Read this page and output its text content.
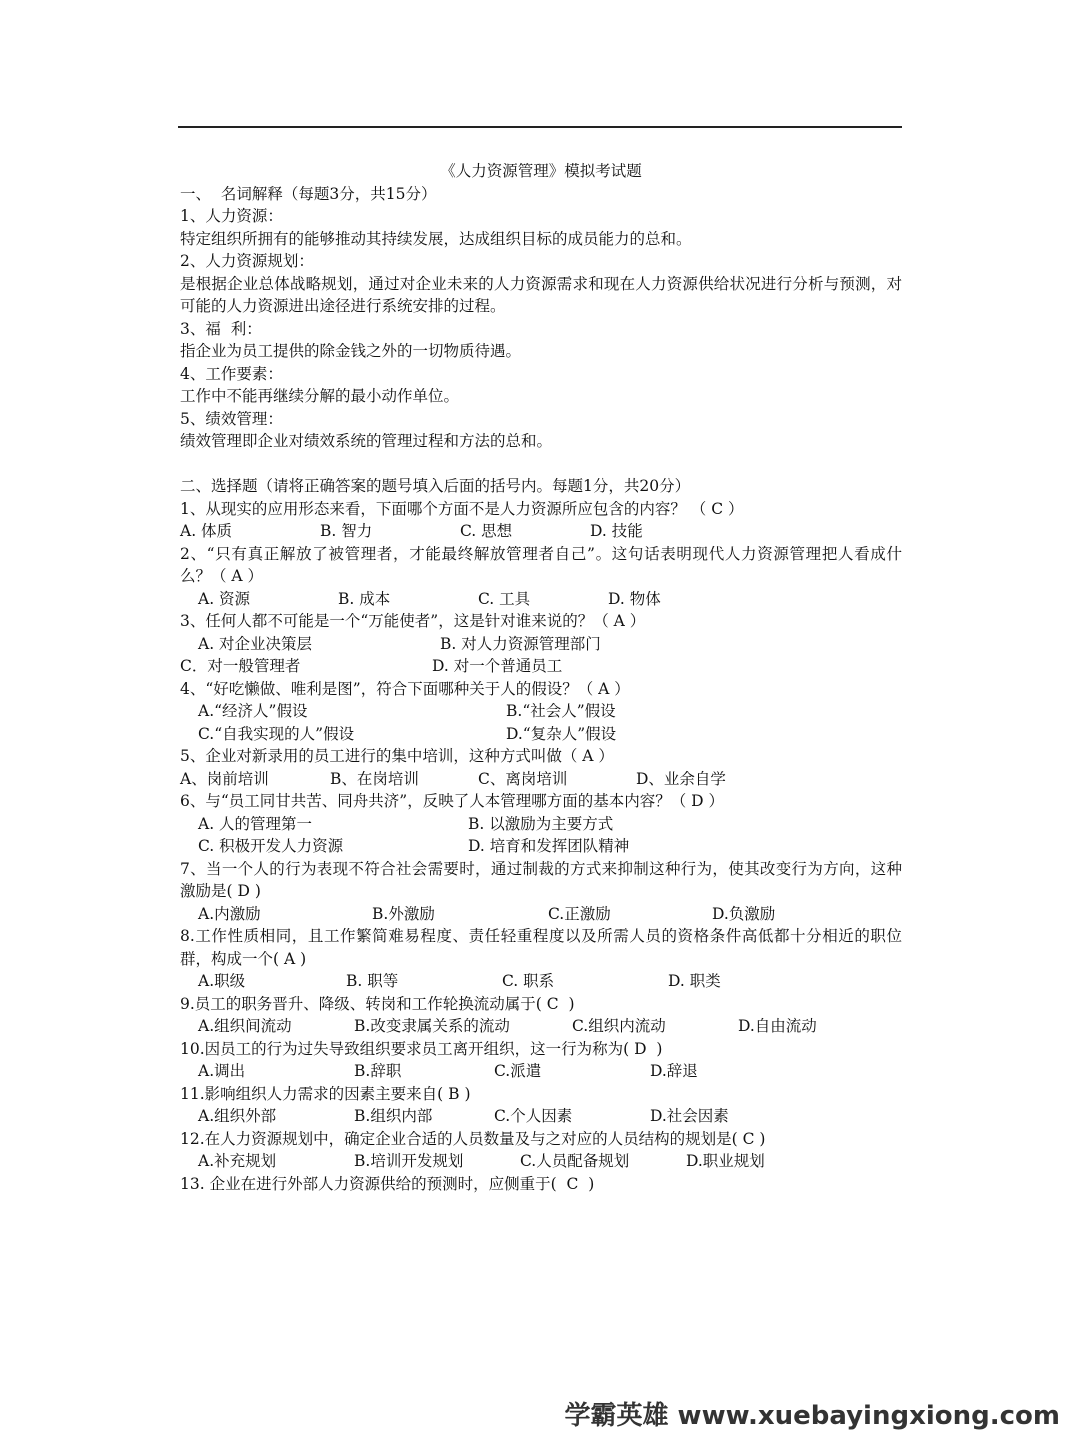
《人力资源管理》模拟考试题
一、  名词解释（每题3分，共15分）
1、人力资源：
特定组织所拥有的能够推动其持续发展，达成组织目标的成员能力的总和。
2、人力资源规划：
是根据企业总体战略规划，通过对企业未来的人力资源需求和现在人力资源供给状况进行分析与预测，对可能的人力资源进出途径进行系统安排的过程。
3、福  利：
指企业为员工提供的除金钱之外的一切物质待遇。
4、工作要素：
工作中不能再继续分解的最小动作单位。
5、绩效管理：
绩效管理即企业对绩效系统的管理过程和方法的总和。
二、选择题（请将正确答案的题号填入后面的括号内。每题1分，共20分）
1、从现实的应用形态来看，下面哪个方面不是人力资源所应包含的内容？ （ C ）
A. 体质	B. 智力	C. 思想	D. 技能
2、“只有真正解放了被管理者，才能最终解放管理者自己”。这句话表明现代人力资源管理把人看成什么？（ A ）
A. 资源	B. 成本	C. 工具	D. 物体
3、任何人都不可能是一个“万能使者”，这是针对谁来说的？（ A ）
A. 对企业决策层	B. 对人力资源管理部门
C．对一般管理者	D. 对一个普通员工
4、“好吃懒做、唯利是图”，符合下面哪种关于人的假设？（ A ）
A.“经济人”假设	B.“社会人”假设
C.“自我实现的人”假设	D.“复杂人”假设
5、企业对新录用的员工进行的集中培训，这种方式叫做（ A ）
A、岗前培训	B、在岗培训	C、离岗培训	D、业余自学
6、与“员工同甘共苦、同舟共济”，反映了人本管理哪方面的基本内容？（ D ）
A. 人的管理第一	B. 以激励为主要方式
C. 积极开发人力资源	D. 培育和发挥团队精神
7、当一个人的行为表现不符合社会需要时，通过制裁的方式来抑制这种行为，使其改变行为方向，这种激励是( D )
A.内激励	B.外激励	C.正激励	D.负激励
8.工作性质相同，且工作繁简难易程度、责任轻重程度以及所需人员的资格条件高低都十分相近的职位群，构成一个( A )
A.职级	B. 职等	C. 职系	D. 职类
9.员工的职务晋升、降级、转岗和工作轮换流动属于( C  )
A.组织间流动	B.改变隶属关系的流动	C.组织内流动	D.自由流动
10.因员工的行为过失导致组织要求员工离开组织，这一行为称为( D  )
A.调出	B.辞职	C.派遣	D.辞退
11.影响组织人力需求的因素主要来自( B )
A.组织外部	B.组织内部	C.个人因素	D.社会因素
12.在人力资源规划中，确定企业合适的人员数量及与之对应的人员结构的规划是( C )
A.补充规划	B.培训开发规划	C.人员配备规划	D.职业规划
13. 企业在进行外部人力资源供给的预测时，应侧重于(  C  )
学霸英雄 www.xuebayingxiong.com
